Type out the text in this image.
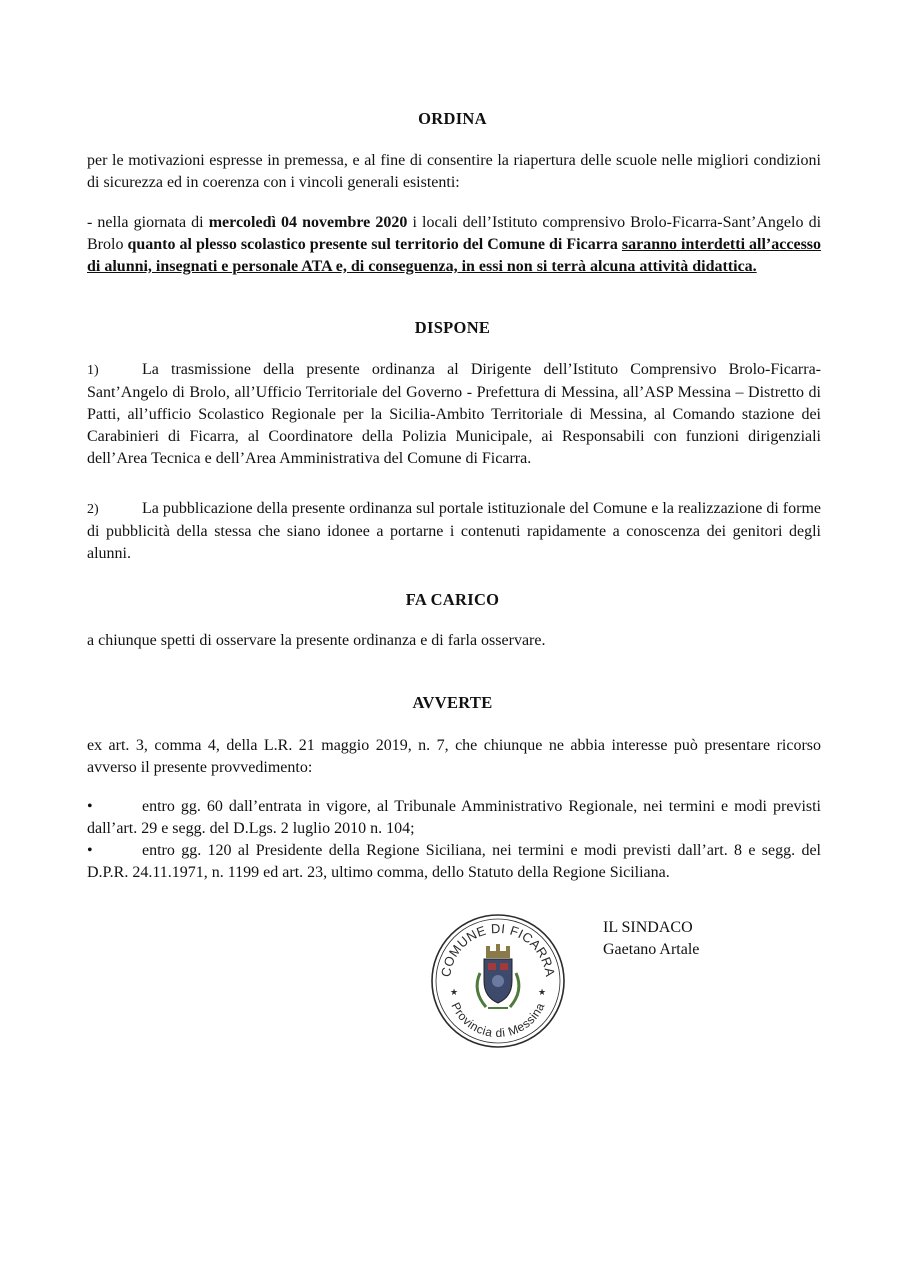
ORDINA

per le motivazioni espresse in premessa, e al fine di consentire la riapertura delle scuole nelle migliori condizioni di sicurezza ed in coerenza con i vincoli generali esistenti:

- nella giornata di mercoledì 04 novembre 2020 i locali dell’Istituto comprensivo Brolo-Ficarra-Sant’Angelo di Brolo quanto al plesso scolastico presente sul territorio del Comune di Ficarra saranno interdetti all’accesso di alunni, insegnati e personale ATA e, di conseguenza, in essi non si terrà alcuna attività didattica.

DISPONE

1)	La trasmissione della presente ordinanza al Dirigente dell’Istituto Comprensivo Brolo-Ficarra-Sant’Angelo di Brolo, all’Ufficio Territoriale del Governo - Prefettura di Messina, all’ASP Messina – Distretto di Patti, all’ufficio Scolastico Regionale per la Sicilia-Ambito Territoriale di Messina, al Comando stazione dei Carabinieri di Ficarra, al Coordinatore della Polizia Municipale, ai Responsabili con funzioni dirigenziali dell’Area Tecnica e dell’Area Amministrativa del Comune di Ficarra.

2)	La pubblicazione della presente ordinanza sul portale istituzionale del Comune e la realizzazione di forme di pubblicità della stessa che siano idonee a portarne i contenuti rapidamente a conoscenza dei genitori degli alunni.

FA CARICO
a chiunque spetti di osservare la presente ordinanza e di farla osservare.
AVVERTE

ex art. 3, comma 4, della L.R. 21 maggio 2019, n. 7, che chiunque ne abbia interesse può presentare ricorso avverso il presente provvedimento:

•	entro gg. 60 dall’entrata in vigore, al Tribunale Amministrativo Regionale, nei termini e modi previsti dall’art. 29 e segg. del D.Lgs. 2 luglio 2010 n. 104;

•	entro gg. 120 al Presidente della Regione Siciliana, nei termini e modi previsti dall’art. 8 e segg. del D.P.R. 24.11.1971, n. 1199 ed art. 23, ultimo comma, dello Statuto della Regione Siciliana.

COMUNE DI FICARRA
Provincia di Messina
★	★
IL SINDACO
Gaetano Artale
